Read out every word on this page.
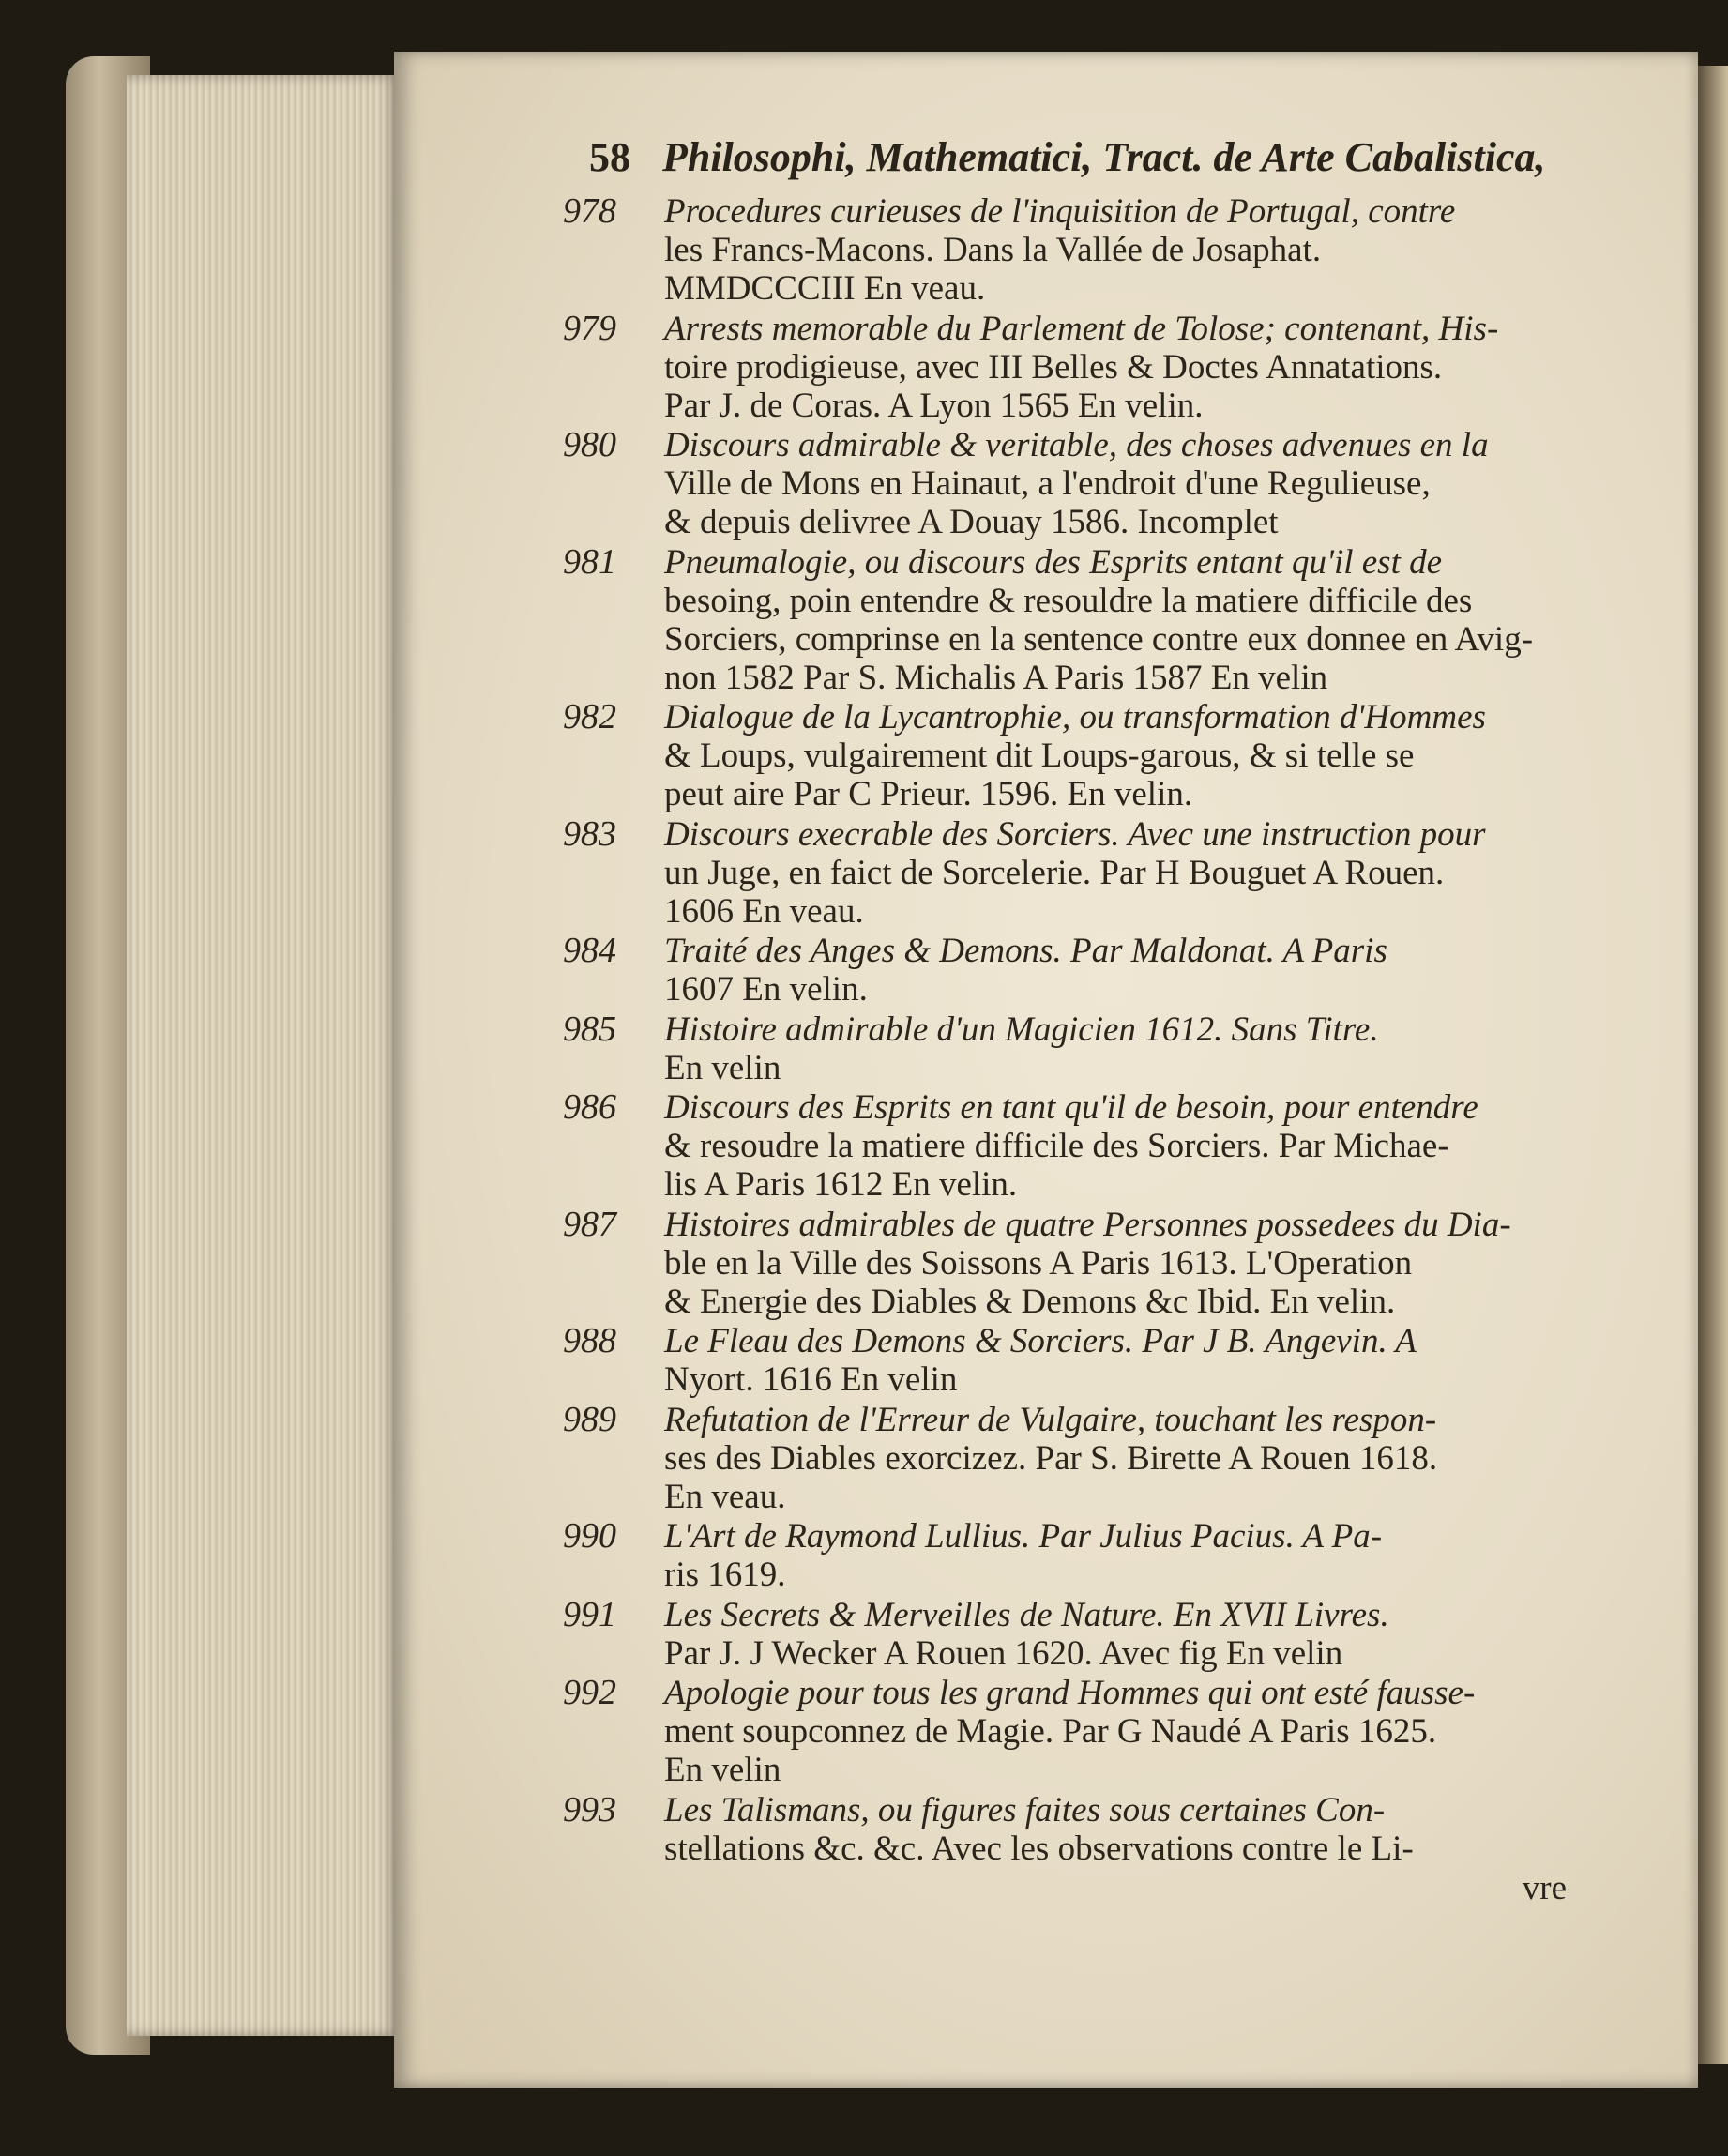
58 Philosophi, Mathematici, Tract. de Arte Cabalistica,
978 Procedures curieuses de l'inquisition de Portugal, contre
les Francs-Macons. Dans la Vallée de Josaphat.
MMDCCCIII En veau.
979 Arrests memorable du Parlement de Tolose; contenant, His-
toire prodigieuse, avec III Belles & Doctes Annatations.
Par J. de Coras. A Lyon 1565 En velin.
980 Discours admirable & veritable, des choses advenues en la
Ville de Mons en Hainaut, a l'endroit d'une Regulieuse,
& depuis delivree A Douay 1586. Incomplet
981 Pneumalogie, ou discours des Esprits entant qu'il est de
besoing, poin entendre & resouldre la matiere difficile des
Sorciers, comprinse en la sentence contre eux donnee en Avig-
non 1582 Par S. Michalis A Paris 1587 En velin
982 Dialogue de la Lycantrophie, ou transformation d'Hommes
& Loups, vulgairement dit Loups-garous, & si telle se
peut aire Par C Prieur. 1596. En velin.
983 Discours execrable des Sorciers. Avec une instruction pour
un Juge, en faict de Sorcelerie. Par H Bouguet A Rouen.
1606 En veau.
984 Traité des Anges & Demons. Par Maldonat. A Paris
1607 En velin.
985 Histoire admirable d'un Magicien 1612. Sans Titre.
En velin
986 Discours des Esprits en tant qu'il de besoin, pour entendre
& resoudre la matiere difficile des Sorciers. Par Michae-
lis A Paris 1612 En velin.
987 Histoires admirables de quatre Personnes possedees du Dia-
ble en la Ville des Soissons A Paris 1613. L'Operation
& Energie des Diables & Demons &c Ibid. En velin.
988 Le Fleau des Demons & Sorciers. Par J B. Angevin. A
Nyort. 1616 En velin
989 Refutation de l'Erreur de Vulgaire, touchant les respon-
ses des Diables exorcizez. Par S. Birette A Rouen 1618.
En veau.
990 L'Art de Raymond Lullius. Par Julius Pacius. A Pa-
ris 1619.
991 Les Secrets & Merveilles de Nature. En XVII Livres.
Par J. J Wecker A Rouen 1620. Avec fig En velin
992 Apologie pour tous les grand Hommes qui ont esté fausse-
ment soupconnez de Magie. Par G Naudé A Paris 1625.
En velin
993 Les Talismans, ou figures faites sous certaines Con-
stellations &c. &c. Avec les observations contre le Li-
vre
